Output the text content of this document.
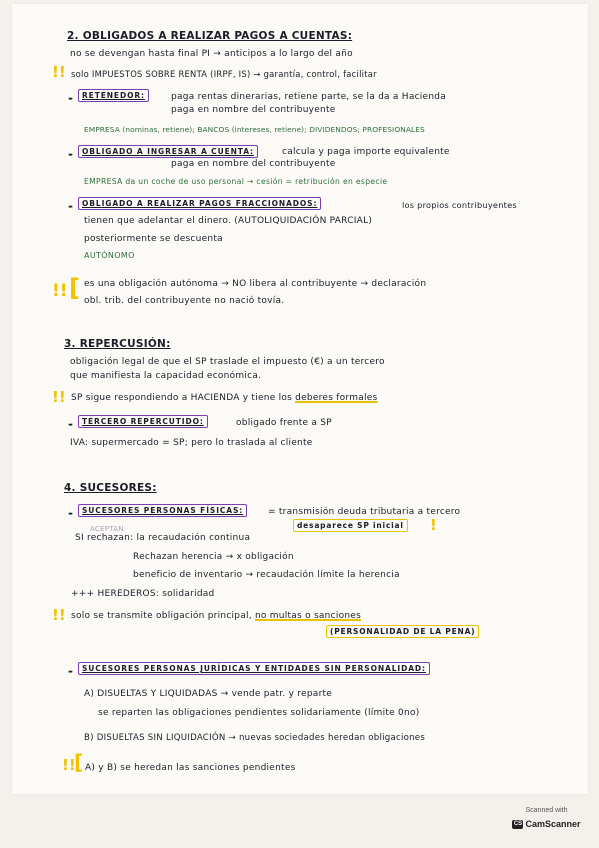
2. OBLIGADOS A REALIZAR PAGOS A CUENTAS:
no se devengan hasta final PI → anticipos a lo largo del año
!! solo IMPUESTOS SOBRE RENTA (IRPF, IS) → garantía, control, facilitar
-	RETENEDOR:	paga rentas dinerarias, retiene parte, se la da a Hacienda
paga en nombre del contribuyente
EMPRESA (nominas, retiene); BANCOS (intereses, retiene); DIVIDENDOS; PROFESIONALES
-	OBLIGADO A INGRESAR A CUENTA:	calcula y paga importe equivalente
paga en nombre del contribuyente
EMPRESA da un coche de uso personal → cesión = retribución en especie
-	OBLIGADO A REALIZAR PAGOS FRACCIONADOS:	los propios contribuyentes
tienen que adelantar el dinero. (AUTOLIQUIDACIÓN PARCIAL)
posteriormente se descuenta
AUTÓNOMO
!! [ es una obligación autónoma → NO libera al contribuyente → declaración
obl. trib. del contribuyente no nació tovía.
3. REPERCUSIÓN:
obligación legal de que el SP traslade el impuesto (€) a un tercero
que manifiesta la capacidad económica.
!! SP sigue respondiendo a HACIENDA y tiene los deberes formales
-	TERCERO REPERCUTIDO:	obligado frente a SP
IVA: supermercado = SP; pero lo traslada al cliente
4. SUCESORES:
-	SUCESORES PERSONAS FÍSICAS:	= transmisión deuda tributaria a tercero
desaparece SP inicial !
ACEPTAN
SI rechazan: la recaudación continua
Rechazan herencia → x obligación
beneficio de inventario → recaudación límite la herencia
+++ HEREDEROS: solidaridad
!! solo se transmite obligación principal, no multas o sanciones
(PERSONALIDAD DE LA PENA)
-	SUCESORES PERSONAS JURÍDICAS Y ENTIDADES SIN PERSONALIDAD:
A) DISUELTAS Y LIQUIDADAS → vende patr. y reparte
se reparten las obligaciones pendientes solidariamente (límite 0no)
B) DISUELTAS SIN LIQUIDACIÓN → nuevas sociedades heredan obligaciones
!!
[ A) y B) se heredan las sanciones pendientes
Scanned with
CS CamScanner
